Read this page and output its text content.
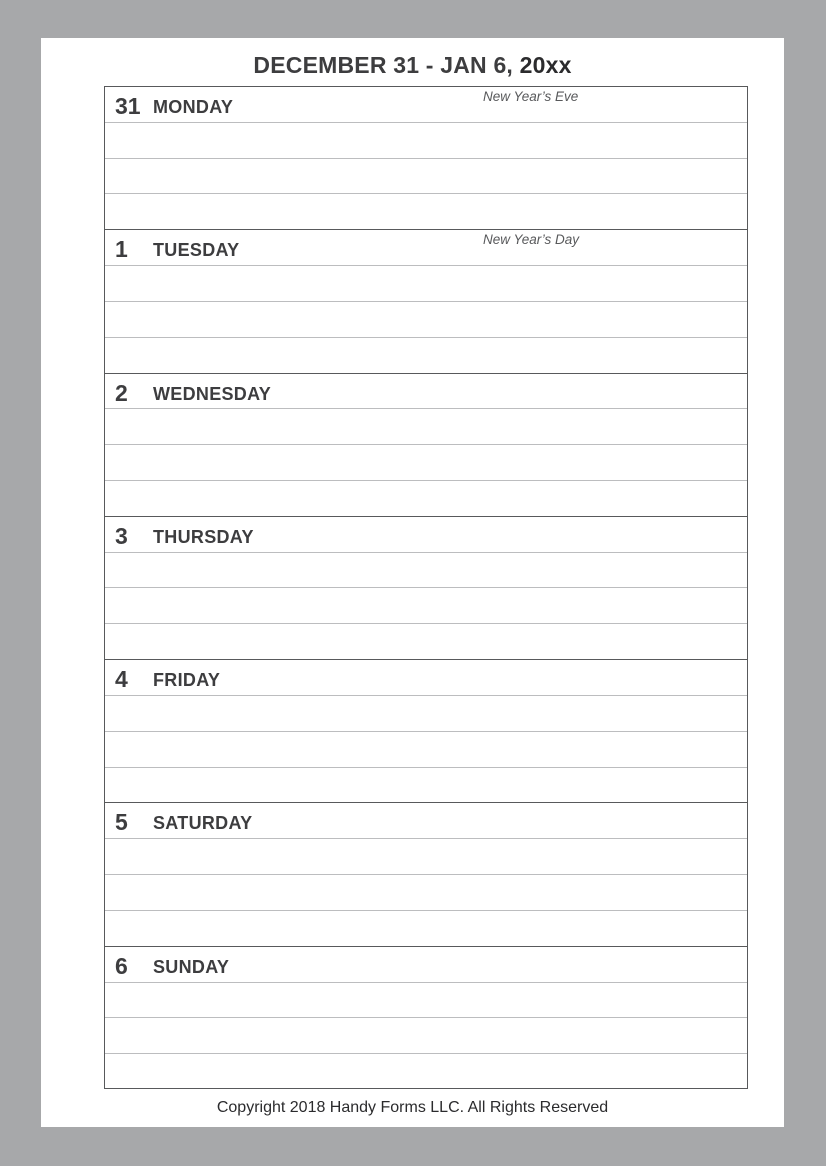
DECEMBER 31 - JAN 6, 20xx
31 MONDAY
New Year’s Eve
1 TUESDAY
New Year’s Day
2 WEDNESDAY
3 THURSDAY
4 FRIDAY
5 SATURDAY
6 SUNDAY
Copyright 2018 Handy Forms LLC. All Rights Reserved
